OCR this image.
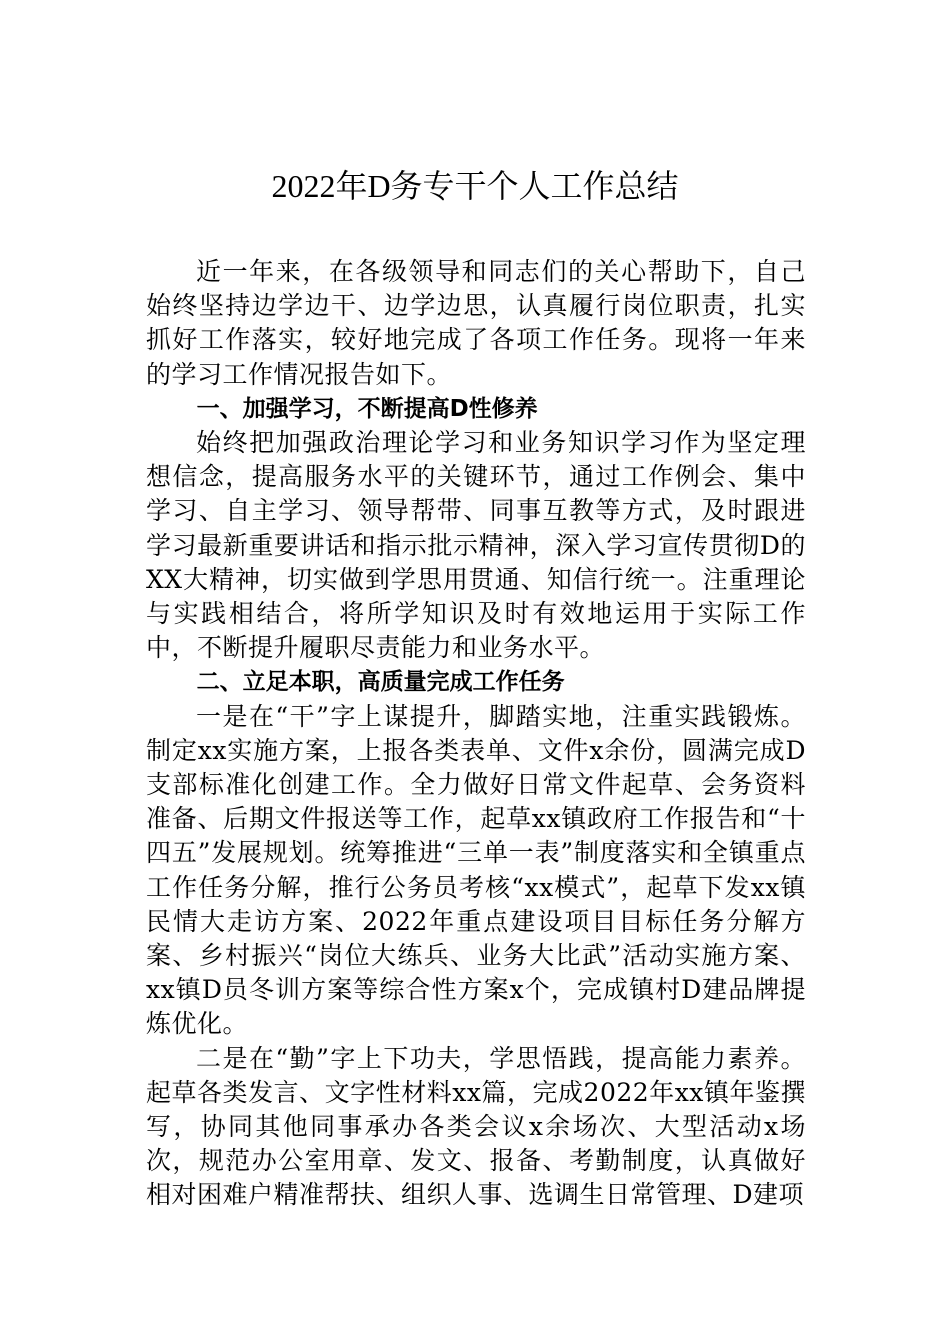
2022年D务专干个人工作总结

近一年来，在各级领导和同志们的关心帮助下，自己始终坚持边学边干、边学边思，认真履行岗位职责，扎实抓好工作落实，较好地完成了各项工作任务。现将一年来的学习工作情况报告如下。

一、加强学习，不断提高D性修养

始终把加强政治理论学习和业务知识学习作为坚定理想信念，提高服务水平的关键环节，通过工作例会、集中学习、自主学习、领导帮带、同事互教等方式，及时跟进学习最新重要讲话和指示批示精神，深入学习宣传贯彻D的XX大精神，切实做到学思用贯通、知信行统一。注重理论与实践相结合，将所学知识及时有效地运用于实际工作中，不断提升履职尽责能力和业务水平。

二、立足本职，高质量完成工作任务

一是在“干”字上谋提升，脚踏实地，注重实践锻炼。制定xx实施方案，上报各类表单、文件x余份，圆满完成D支部标准化创建工作。全力做好日常文件起草、会务资料准备、后期文件报送等工作，起草xx镇政府工作报告和“十四五”发展规划。统筹推进“三单一表”制度落实和全镇重点工作任务分解，推行公务员考核“xx模式”，起草下发xx镇民情大走访方案、2022年重点建设项目目标任务分解方案、乡村振兴“岗位大练兵、业务大比武”活动实施方案、xx镇D员冬训方案等综合性方案x个，完成镇村D建品牌提炼优化。

二是在“勤”字上下功夫，学思悟践，提高能力素养。起草各类发言、文字性材料xx篇，完成2022年xx镇年鉴撰写，协同其他同事承办各类会议x余场次、大型活动x场次，规范办公室用章、发文、报备、考勤制度，认真做好相对困难户精准帮扶、组织人事、选调生日常管理、D建项
